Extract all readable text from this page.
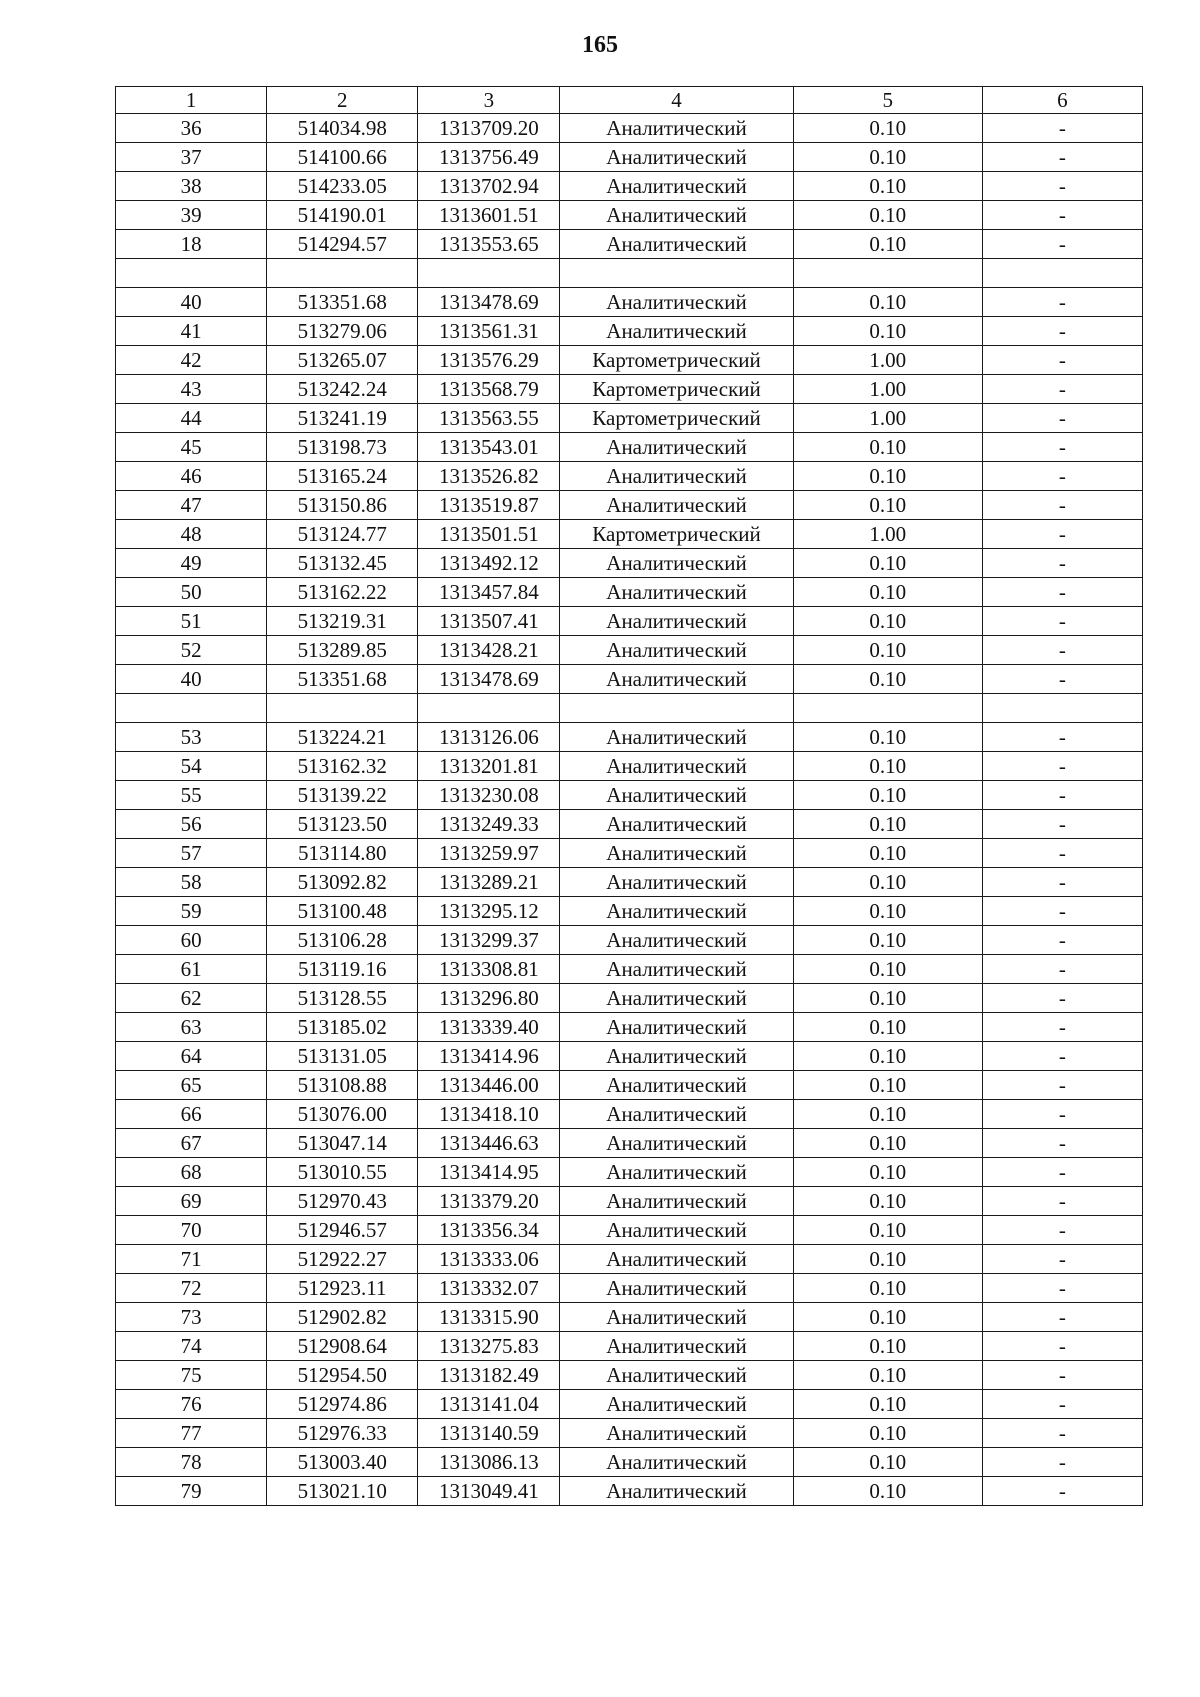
165
1	2	3	4	5	6
36	514034.98	1313709.20	Аналитический	0.10	-
37	514100.66	1313756.49	Аналитический	0.10	-
38	514233.05	1313702.94	Аналитический	0.10	-
39	514190.01	1313601.51	Аналитический	0.10	-
18	514294.57	1313553.65	Аналитический	0.10	-

40	513351.68	1313478.69	Аналитический	0.10	-
41	513279.06	1313561.31	Аналитический	0.10	-
42	513265.07	1313576.29	Картометрический	1.00	-
43	513242.24	1313568.79	Картометрический	1.00	-
44	513241.19	1313563.55	Картометрический	1.00	-
45	513198.73	1313543.01	Аналитический	0.10	-
46	513165.24	1313526.82	Аналитический	0.10	-
47	513150.86	1313519.87	Аналитический	0.10	-
48	513124.77	1313501.51	Картометрический	1.00	-
49	513132.45	1313492.12	Аналитический	0.10	-
50	513162.22	1313457.84	Аналитический	0.10	-
51	513219.31	1313507.41	Аналитический	0.10	-
52	513289.85	1313428.21	Аналитический	0.10	-
40	513351.68	1313478.69	Аналитический	0.10	-

53	513224.21	1313126.06	Аналитический	0.10	-
54	513162.32	1313201.81	Аналитический	0.10	-
55	513139.22	1313230.08	Аналитический	0.10	-
56	513123.50	1313249.33	Аналитический	0.10	-
57	513114.80	1313259.97	Аналитический	0.10	-
58	513092.82	1313289.21	Аналитический	0.10	-
59	513100.48	1313295.12	Аналитический	0.10	-
60	513106.28	1313299.37	Аналитический	0.10	-
61	513119.16	1313308.81	Аналитический	0.10	-
62	513128.55	1313296.80	Аналитический	0.10	-
63	513185.02	1313339.40	Аналитический	0.10	-
64	513131.05	1313414.96	Аналитический	0.10	-
65	513108.88	1313446.00	Аналитический	0.10	-
66	513076.00	1313418.10	Аналитический	0.10	-
67	513047.14	1313446.63	Аналитический	0.10	-
68	513010.55	1313414.95	Аналитический	0.10	-
69	512970.43	1313379.20	Аналитический	0.10	-
70	512946.57	1313356.34	Аналитический	0.10	-
71	512922.27	1313333.06	Аналитический	0.10	-
72	512923.11	1313332.07	Аналитический	0.10	-
73	512902.82	1313315.90	Аналитический	0.10	-
74	512908.64	1313275.83	Аналитический	0.10	-
75	512954.50	1313182.49	Аналитический	0.10	-
76	512974.86	1313141.04	Аналитический	0.10	-
77	512976.33	1313140.59	Аналитический	0.10	-
78	513003.40	1313086.13	Аналитический	0.10	-
79	513021.10	1313049.41	Аналитический	0.10	-
